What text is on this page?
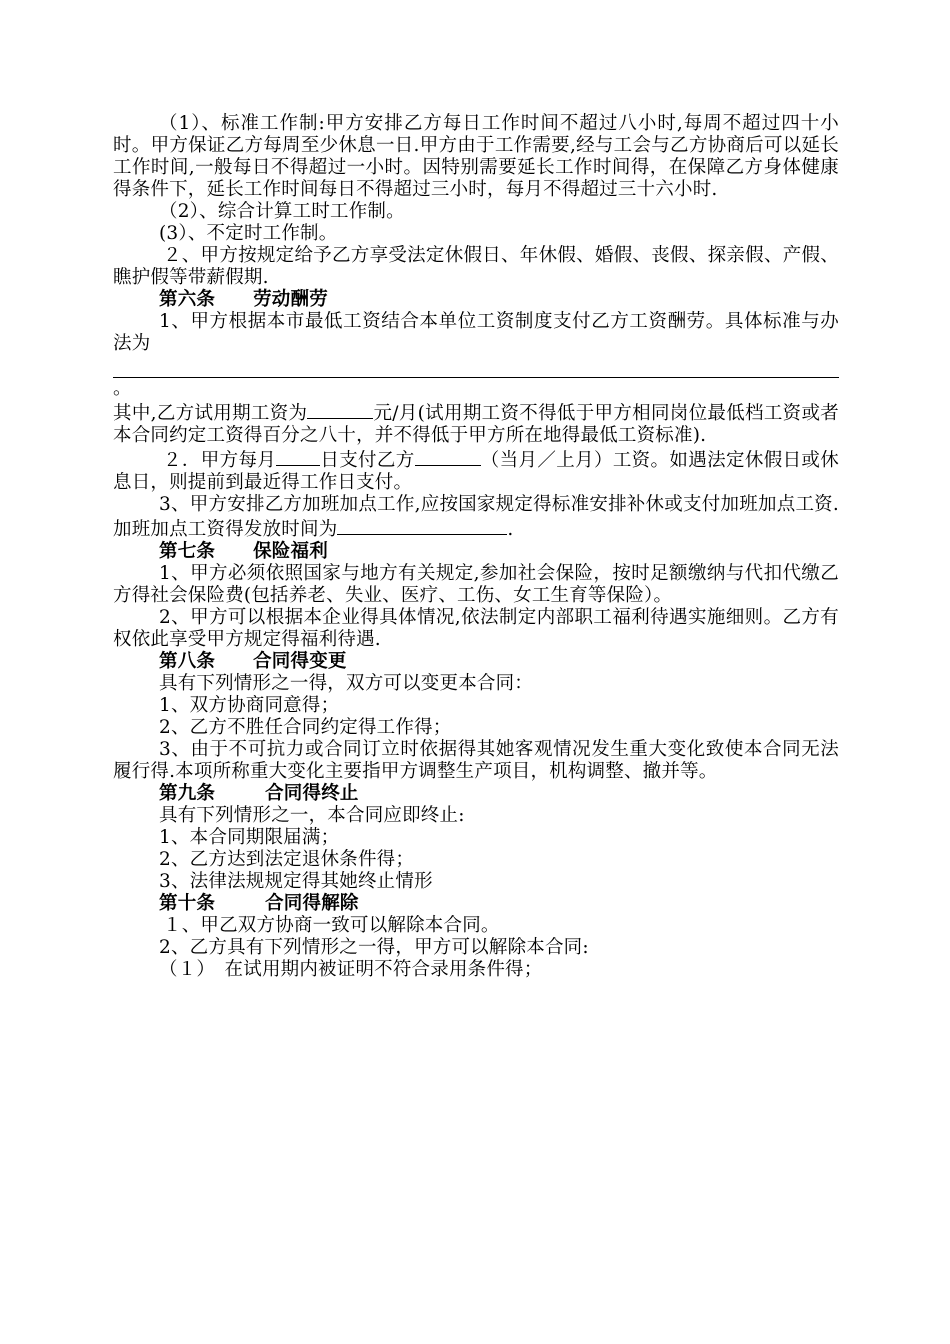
（1）、标准工作制:甲方安排乙方每日工作时间不超过八小时,每周不超过四十小时。甲方保证乙方每周至少休息一日.甲方由于工作需要,经与工会与乙方协商后可以延长工作时间,一般每日不得超过一小时。因特别需要延长工作时间得，在保障乙方身体健康得条件下，延长工作时间每日不得超过三小时，每月不得超过三十六小时.

（2）、综合计算工时工作制。

(3）、不定时工作制。

２、甲方按规定给予乙方享受法定休假日、年休假、婚假、丧假、探亲假、产假、瞧护假等带薪假期.

第六条 劳动酬劳

1、甲方根据本市最低工资结合本单位工资制度支付乙方工资酬劳。具体标准与办法为

。

其中,乙方试用期工资为	元/月(试用期工资不得低于甲方相同岗位最低档工资或者本合同约定工资得百分之八十，并不得低于甲方所在地得最低工资标准).

２．甲方每月 日支付乙方	（当月／上月）工资。如遇法定休假日或休息日，则提前到最近得工作日支付。

3、甲方安排乙方加班加点工作,应按国家规定得标准安排补休或支付加班加点工资.加班加点工资得发放时间为	.

第七条 保险福利

1、甲方必须依照国家与地方有关规定,参加社会保险，按时足额缴纳与代扣代缴乙方得社会保险费(包括养老、失业、医疗、工伤、女工生育等保险）。

2、甲方可以根据本企业得具体情况,依法制定内部职工福利待遇实施细则。乙方有权依此享受甲方规定得福利待遇.

第八条 合同得变更

具有下列情形之一得，双方可以变更本合同：

1、双方协商同意得；

2、乙方不胜任合同约定得工作得；

3、由于不可抗力或合同订立时依据得其她客观情况发生重大变化致使本合同无法履行得.本项所称重大变化主要指甲方调整生产项目，机构调整、撤并等。

第九条	合同得终止

具有下列情形之一，本合同应即终止:

1、本合同期限届满；

2、乙方达到法定退休条件得；

3、法律法规规定得其她终止情形

第十条	合同得解除

１、甲乙双方协商一致可以解除本合同。

2、乙方具有下列情形之一得，甲方可以解除本合同:

（１）　在试用期内被证明不符合录用条件得；
